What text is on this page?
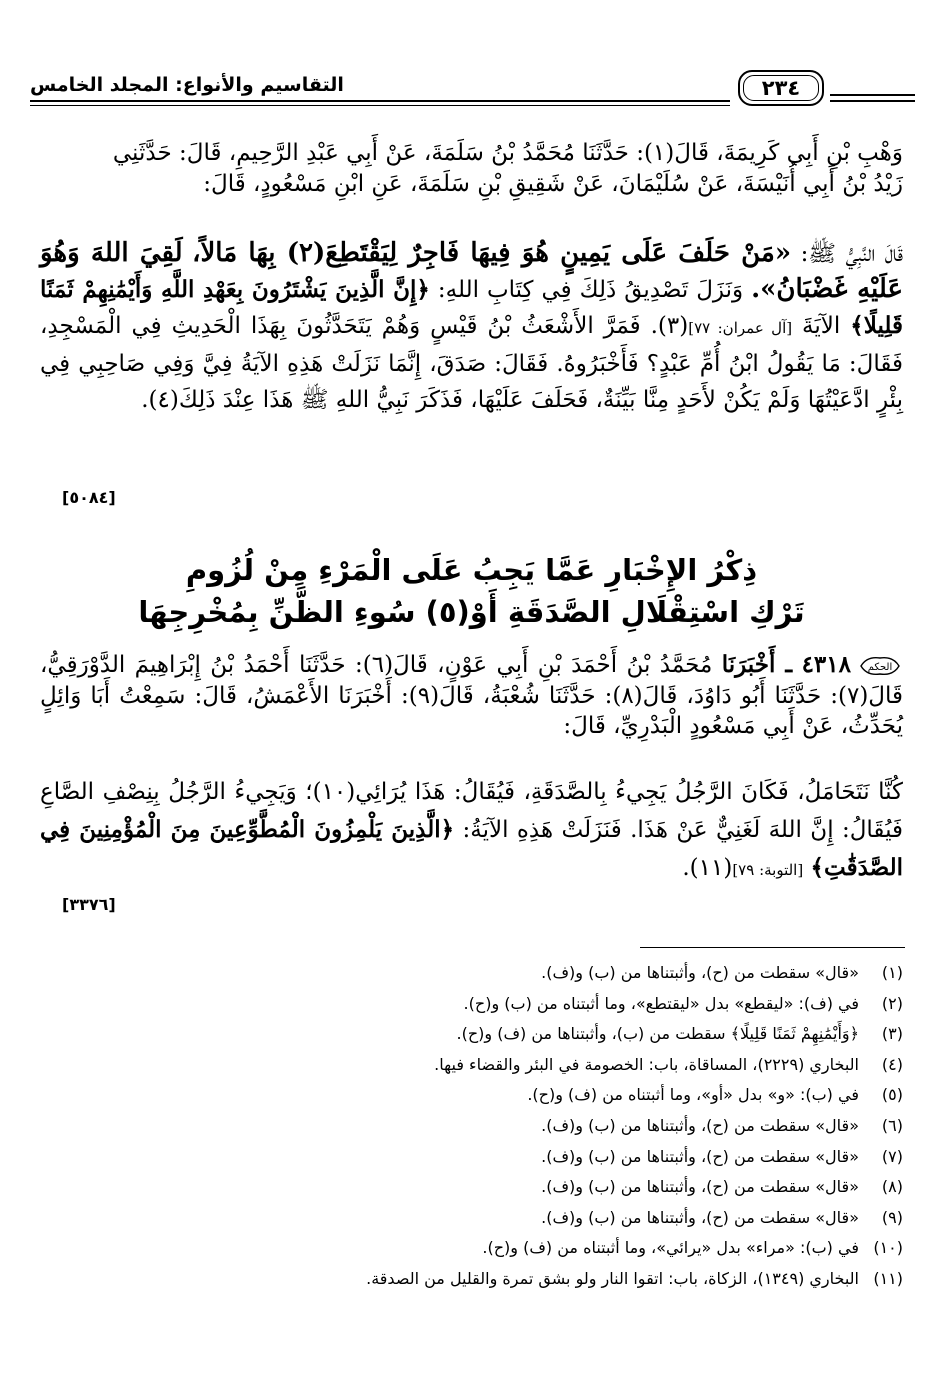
التقاسيم والأنواع: المجلد الخامس	٢٣٤
وَهْبِ بْنِ أَبِي كَرِيمَةَ، قَالَ(١): حَدَّثَنَا مُحَمَّدُ بْنُ سَلَمَةَ، عَنْ أَبِي عَبْدِ الرَّحِيمِ، قَالَ: حَدَّثَنِي
زَيْدُ بْنُ أَبِي أُنَيْسَةَ، عَنْ سُلَيْمَانَ، عَنْ شَقِيقِ بْنِ سَلَمَةَ، عَنِ ابْنِ مَسْعُودٍ، قَالَ:
قَالَ النَّبِيُّ ﷺ: «مَنْ حَلَفَ عَلَى يَمِينٍ هُوَ فِيهَا فَاجِرٌ لِيَقْتَطِعَ(٢) بِهَا مَالاً، لَقِيَ اللهَ وَهُوَ عَلَيْهِ غَضْبَانُ». وَنَزَلَ تَصْدِيقُ ذَلِكَ فِي كِتَابِ اللهِ: ﴿إِنَّ الَّذِينَ يَشْتَرُونَ بِعَهْدِ اللَّهِ وَأَيْمَٰنِهِمْ ثَمَنًا قَلِيلًا﴾ الآيَةَ [آل عمران: ٧٧](٣). فَمَرَّ الأَشْعَثُ بْنُ قَيْسٍ وَهُمْ يَتَحَدَّثُونَ بِهَذَا الْحَدِيثِ فِي الْمَسْجِدِ، فَقَالَ: مَا يَقُولُ ابْنُ أُمِّ عَبْدٍ؟ فَأَخْبَرُوهُ. فَقَالَ: صَدَقَ، إِنَّمَا نَزَلَتْ هَذِهِ الآيَةُ فِيَّ وَفِي صَاحِبِي فِي بِئْرٍ ادَّعَيْتُهَا وَلَمْ يَكُنْ لأَحَدٍ مِنَّا بَيِّنَةٌ، فَحَلَفَ عَلَيْهَا، فَذَكَرَ نَبِيُّ اللهِ ﷺ هَذَا عِنْدَ ذَلِكَ(٤).
[٥٠٨٤]
ذِكْرُ الإِخْبَارِ عَمَّا يَجِبُ عَلَى الْمَرْءِ مِنْ لُزُومِ
تَرْكِ اسْتِقْلَالِ الصَّدَقَةِ أَوْ(٥) سُوءِ الظَّنِّ بِمُخْرِجِهَا
الحكم
٤٣١٨ ـ أَخْبَرَنَا مُحَمَّدُ بْنُ أَحْمَدَ بْنِ أَبِي عَوْنٍ، قَالَ(٦): حَدَّثَنَا أَحْمَدُ بْنُ إِبْرَاهِيمَ الدَّوْرَقِيُّ، قَالَ(٧): حَدَّثَنَا أَبُو دَاوُدَ، قَالَ(٨): حَدَّثَنَا شُعْبَةُ، قَالَ(٩): أَخْبَرَنَا الأَعْمَشُ، قَالَ: سَمِعْتُ أَبَا وَائِلٍ يُحَدِّثُ، عَنْ أَبِي مَسْعُودٍ الْبَدْرِيِّ، قَالَ:
كُنَّا نَتَحَامَلُ، فَكَانَ الرَّجُلُ يَجِيءُ بِالصَّدَقَةِ، فَيُقَالُ: هَذَا يُرَائِي(١٠)؛ وَيَجِيءُ الرَّجُلُ بِنِصْفِ الصَّاعِ فَيُقَالُ: إِنَّ اللهَ لَغَنِيٌّ عَنْ هَذَا. فَنَزَلَتْ هَذِهِ الآيَةُ: ﴿الَّذِينَ يَلْمِزُونَ الْمُطَّوِّعِينَ مِنَ الْمُؤْمِنِينَ فِي الصَّدَقَٰتِ﴾ [التوبة: ٧٩](١١).
[٣٣٧٦]
(١)«قال» سقطت من (ح)، وأثبتناها من (ب) و(ف).
(٢)في (ف): «ليقطع» بدل «ليقتطع»، وما أثبتناه من (ب) و(ح).
(٣)﴿وَأَيْمَٰنِهِمْ ثَمَنًا قَلِيلًا﴾ سقطت من (ب)، وأثبتناها من (ف) و(ح).
(٤)البخاري (٢٢٢٩)، المساقاة، باب: الخصومة في البئر والقضاء فيها.
(٥)في (ب): «و» بدل «أو»، وما أثبتناه من (ف) و(ح).
(٦)«قال» سقطت من (ح)، وأثبتناها من (ب) و(ف).
(٧)«قال» سقطت من (ح)، وأثبتناها من (ب) و(ف).
(٨)«قال» سقطت من (ح)، وأثبتناها من (ب) و(ف).
(٩)«قال» سقطت من (ح)، وأثبتناها من (ب) و(ف).
(١٠)في (ب): «مراء» بدل «يرائي»، وما أثبتناه من (ف) و(ح).
(١١)البخاري (١٣٤٩)، الزكاة، باب: اتقوا النار ولو بشق تمرة والقليل من الصدقة.
